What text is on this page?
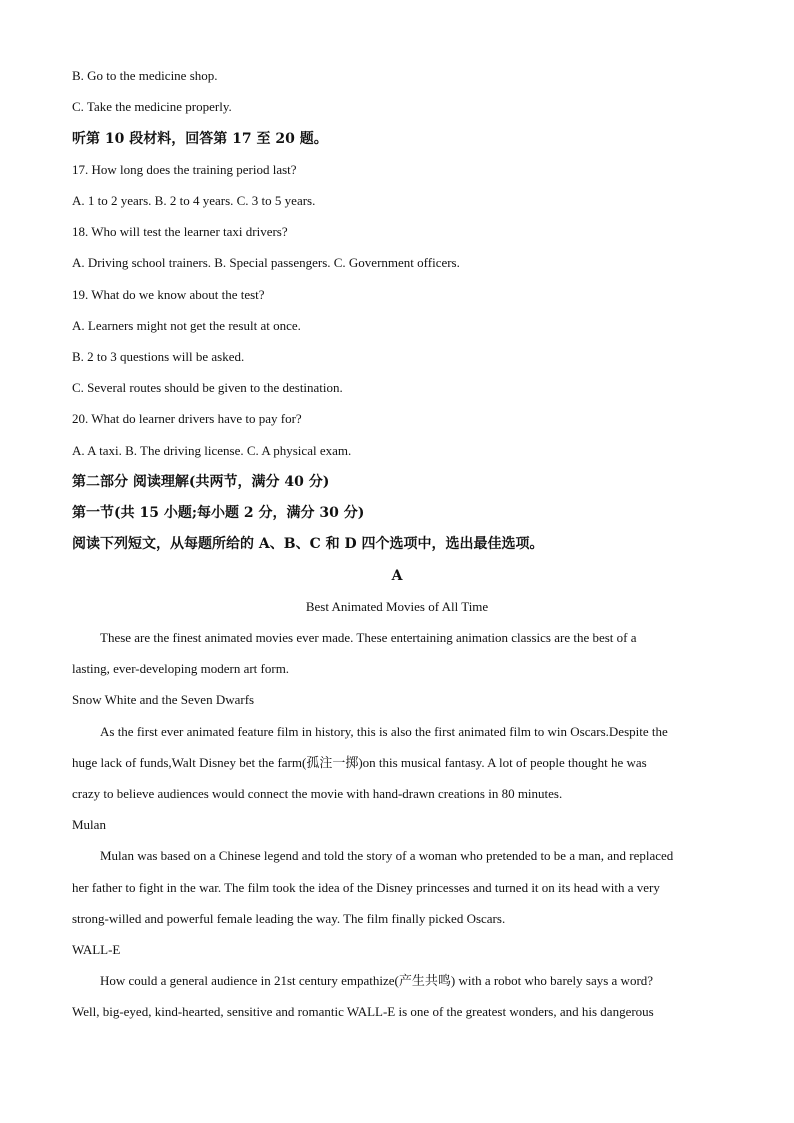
B. Go to the medicine shop.
C. Take the medicine properly.
听第 10 段材料，回答第 17 至 20 题。
17. How long does the training period last?
A. 1 to 2 years. B. 2 to 4 years. C. 3 to 5 years.
18. Who will test the learner taxi drivers?
A. Driving school trainers. B. Special passengers. C. Government officers.
19. What do we know about the test?
A. Learners might not get the result at once.
B. 2 to 3 questions will be asked.
C. Several routes should be given to the destination.
20. What do learner drivers have to pay for?
A. A taxi. B. The driving license. C. A physical exam.
第二部分 阅读理解(共两节，满分 40 分)
第一节(共 15 小题;每小题 2 分，满分 30 分)
阅读下列短文，从每题所给的 A、B、C 和 D 四个选项中，选出最佳选项。
A
Best Animated Movies of All Time
These are the finest animated movies ever made. These entertaining animation classics are the best of a
lasting, ever-developing modern art form.
Snow White and the Seven Dwarfs
As the first ever animated feature film in history, this is also the first animated film to win Oscars.Despite the
huge lack of funds,Walt Disney bet the farm(孤注一掷)on this musical fantasy. A lot of people thought he was
crazy to believe audiences would connect the movie with hand-drawn creations in 80 minutes.
Mulan
Mulan was based on a Chinese legend and told the story of a woman who pretended to be a man, and replaced
her father to fight in the war. The film took the idea of the Disney princesses and turned it on its head with a very
strong-willed and powerful female leading the way. The film finally picked Oscars.
WALL-E
How could a general audience in 21st century empathize(产生共鸣) with a robot who barely says a word?
Well, big-eyed, kind-hearted, sensitive and romantic WALL-E is one of the greatest wonders, and his dangerous
